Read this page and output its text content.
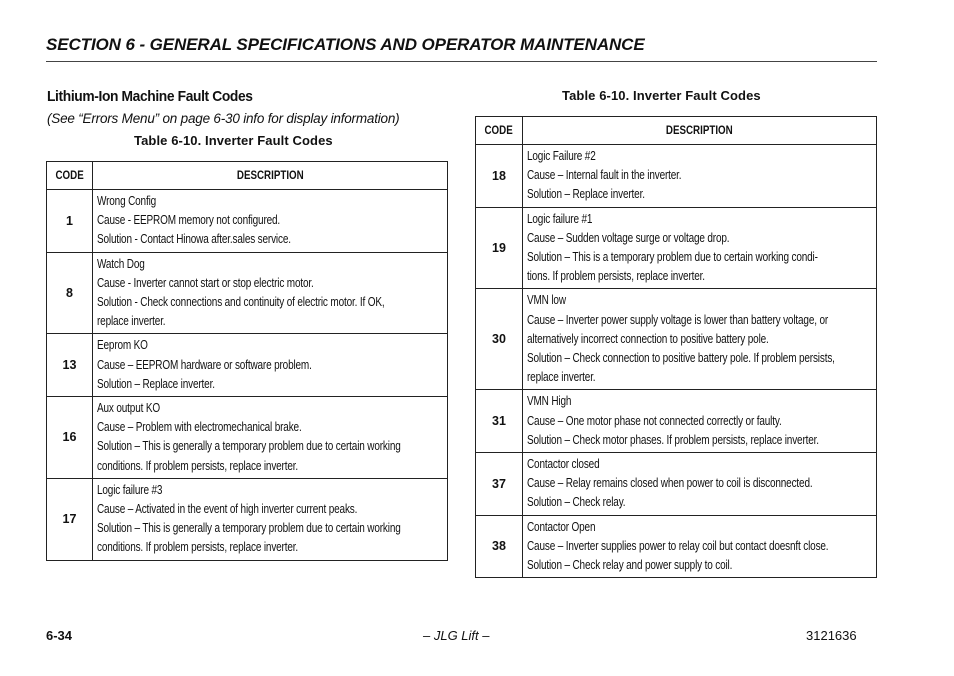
SECTION 6 - GENERAL SPECIFICATIONS AND OPERATOR MAINTENANCE
Lithium-Ion Machine Fault Codes
(See “Errors Menu” on page 6-30 info for display information)
Table 6-10. Inverter Fault Codes
CODE	DESCRIPTION
1	Wrong Config
Cause - EEPROM memory not configured.
Solution - Contact Hinowa after.sales service.

8	Watch Dog
Cause - Inverter cannot start or stop electric motor.
Solution - Check connections and continuity of electric motor. If OK,
replace inverter.

13	Eeprom KO
Cause – EEPROM hardware or software problem.
Solution – Replace inverter.

16	Aux output KO
Cause – Problem with electromechanical brake.
Solution – This is generally a temporary problem due to certain working
conditions. If problem persists, replace inverter.

17	Logic failure #3
Cause – Activated in the event of high inverter current peaks.
Solution – This is generally a temporary problem due to certain working
conditions. If problem persists, replace inverter.
Table 6-10. Inverter Fault Codes
CODE	DESCRIPTION
18	Logic Failure #2
Cause – Internal fault in the inverter.
Solution – Replace inverter.

19	Logic failure #1
Cause – Sudden voltage surge or voltage drop.
Solution – This is a temporary problem due to certain working condi-
tions. If problem persists, replace inverter.

30	VMN low
Cause – Inverter power supply voltage is lower than battery voltage, or
alternatively incorrect connection to positive battery pole.
Solution – Check connection to positive battery pole. If problem persists,
replace inverter.

31	VMN High
Cause – One motor phase not connected correctly or faulty.
Solution – Check motor phases. If problem persists, replace inverter.

37	Contactor closed
Cause – Relay remains closed when power to coil is disconnected.
Solution – Check relay.

38	Contactor Open
Cause – Inverter supplies power to relay coil but contact doesnft close.
Solution – Check relay and power supply to coil.
6-34	– JLG Lift –	3121636
